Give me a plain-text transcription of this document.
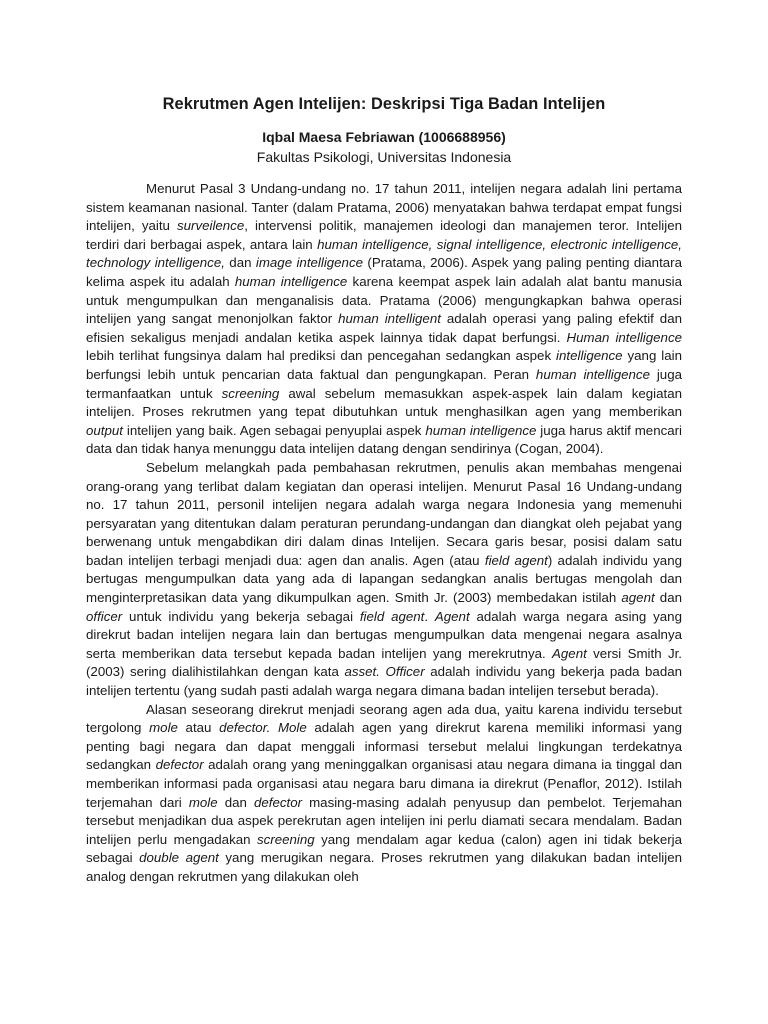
Rekrutmen Agen Intelijen: Deskripsi Tiga Badan Intelijen
Iqbal Maesa Febriawan (1006688956)
Fakultas Psikologi, Universitas Indonesia

Menurut Pasal 3 Undang-undang no. 17 tahun 2011, intelijen negara adalah lini pertama sistem keamanan nasional. Tanter (dalam Pratama, 2006) menyatakan bahwa terdapat empat fungsi intelijen, yaitu surveilence, intervensi politik, manajemen ideologi dan manajemen teror. Intelijen terdiri dari berbagai aspek, antara lain human intelligence, signal intelligence, electronic intelligence, technology intelligence, dan image intelligence (Pratama, 2006). Aspek yang paling penting diantara kelima aspek itu adalah human intelligence karena keempat aspek lain adalah alat bantu manusia untuk mengumpulkan dan menganalisis data. Pratama (2006) mengungkapkan bahwa operasi intelijen yang sangat menonjolkan faktor human intelligent adalah operasi yang paling efektif dan efisien sekaligus menjadi andalan ketika aspek lainnya tidak dapat berfungsi. Human intelligence lebih terlihat fungsinya dalam hal prediksi dan pencegahan sedangkan aspek intelligence yang lain berfungsi lebih untuk pencarian data faktual dan pengungkapan. Peran human intelligence juga termanfaatkan untuk screening awal sebelum memasukkan aspek-aspek lain dalam kegiatan intelijen. Proses rekrutmen yang tepat dibutuhkan untuk menghasilkan agen yang memberikan output intelijen yang baik. Agen sebagai penyuplai aspek human intelligence juga harus aktif mencari data dan tidak hanya menunggu data intelijen datang dengan sendirinya (Cogan, 2004).

Sebelum melangkah pada pembahasan rekrutmen, penulis akan membahas mengenai orang-orang yang terlibat dalam kegiatan dan operasi intelijen. Menurut Pasal 16 Undang-undang no. 17 tahun 2011, personil intelijen negara adalah warga negara Indonesia yang memenuhi persyaratan yang ditentukan dalam peraturan perundang-undangan dan diangkat oleh pejabat yang berwenang untuk mengabdikan diri dalam dinas Intelijen. Secara garis besar, posisi dalam satu badan intelijen terbagi menjadi dua: agen dan analis. Agen (atau field agent) adalah individu yang bertugas mengumpulkan data yang ada di lapangan sedangkan analis bertugas mengolah dan menginterpretasikan data yang dikumpulkan agen. Smith Jr. (2003) membedakan istilah agent dan officer untuk individu yang bekerja sebagai field agent. Agent adalah warga negara asing yang direkrut badan intelijen negara lain dan bertugas mengumpulkan data mengenai negara asalnya serta memberikan data tersebut kepada badan intelijen yang merekrutnya. Agent versi Smith Jr. (2003) sering dialihistilahkan dengan kata asset. Officer adalah individu yang bekerja pada badan intelijen tertentu (yang sudah pasti adalah warga negara dimana badan intelijen tersebut berada).

Alasan seseorang direkrut menjadi seorang agen ada dua, yaitu karena individu tersebut tergolong mole atau defector. Mole adalah agen yang direkrut karena memiliki informasi yang penting bagi negara dan dapat menggali informasi tersebut melalui lingkungan terdekatnya sedangkan defector adalah orang yang meninggalkan organisasi atau negara dimana ia tinggal dan memberikan informasi pada organisasi atau negara baru dimana ia direkrut (Penaflor, 2012). Istilah terjemahan dari mole dan defector masing-masing adalah penyusup dan pembelot. Terjemahan tersebut menjadikan dua aspek perekrutan agen intelijen ini perlu diamati secara mendalam. Badan intelijen perlu mengadakan screening yang mendalam agar kedua (calon) agen ini tidak bekerja sebagai double agent yang merugikan negara. Proses rekrutmen yang dilakukan badan intelijen analog dengan rekrutmen yang dilakukan oleh
